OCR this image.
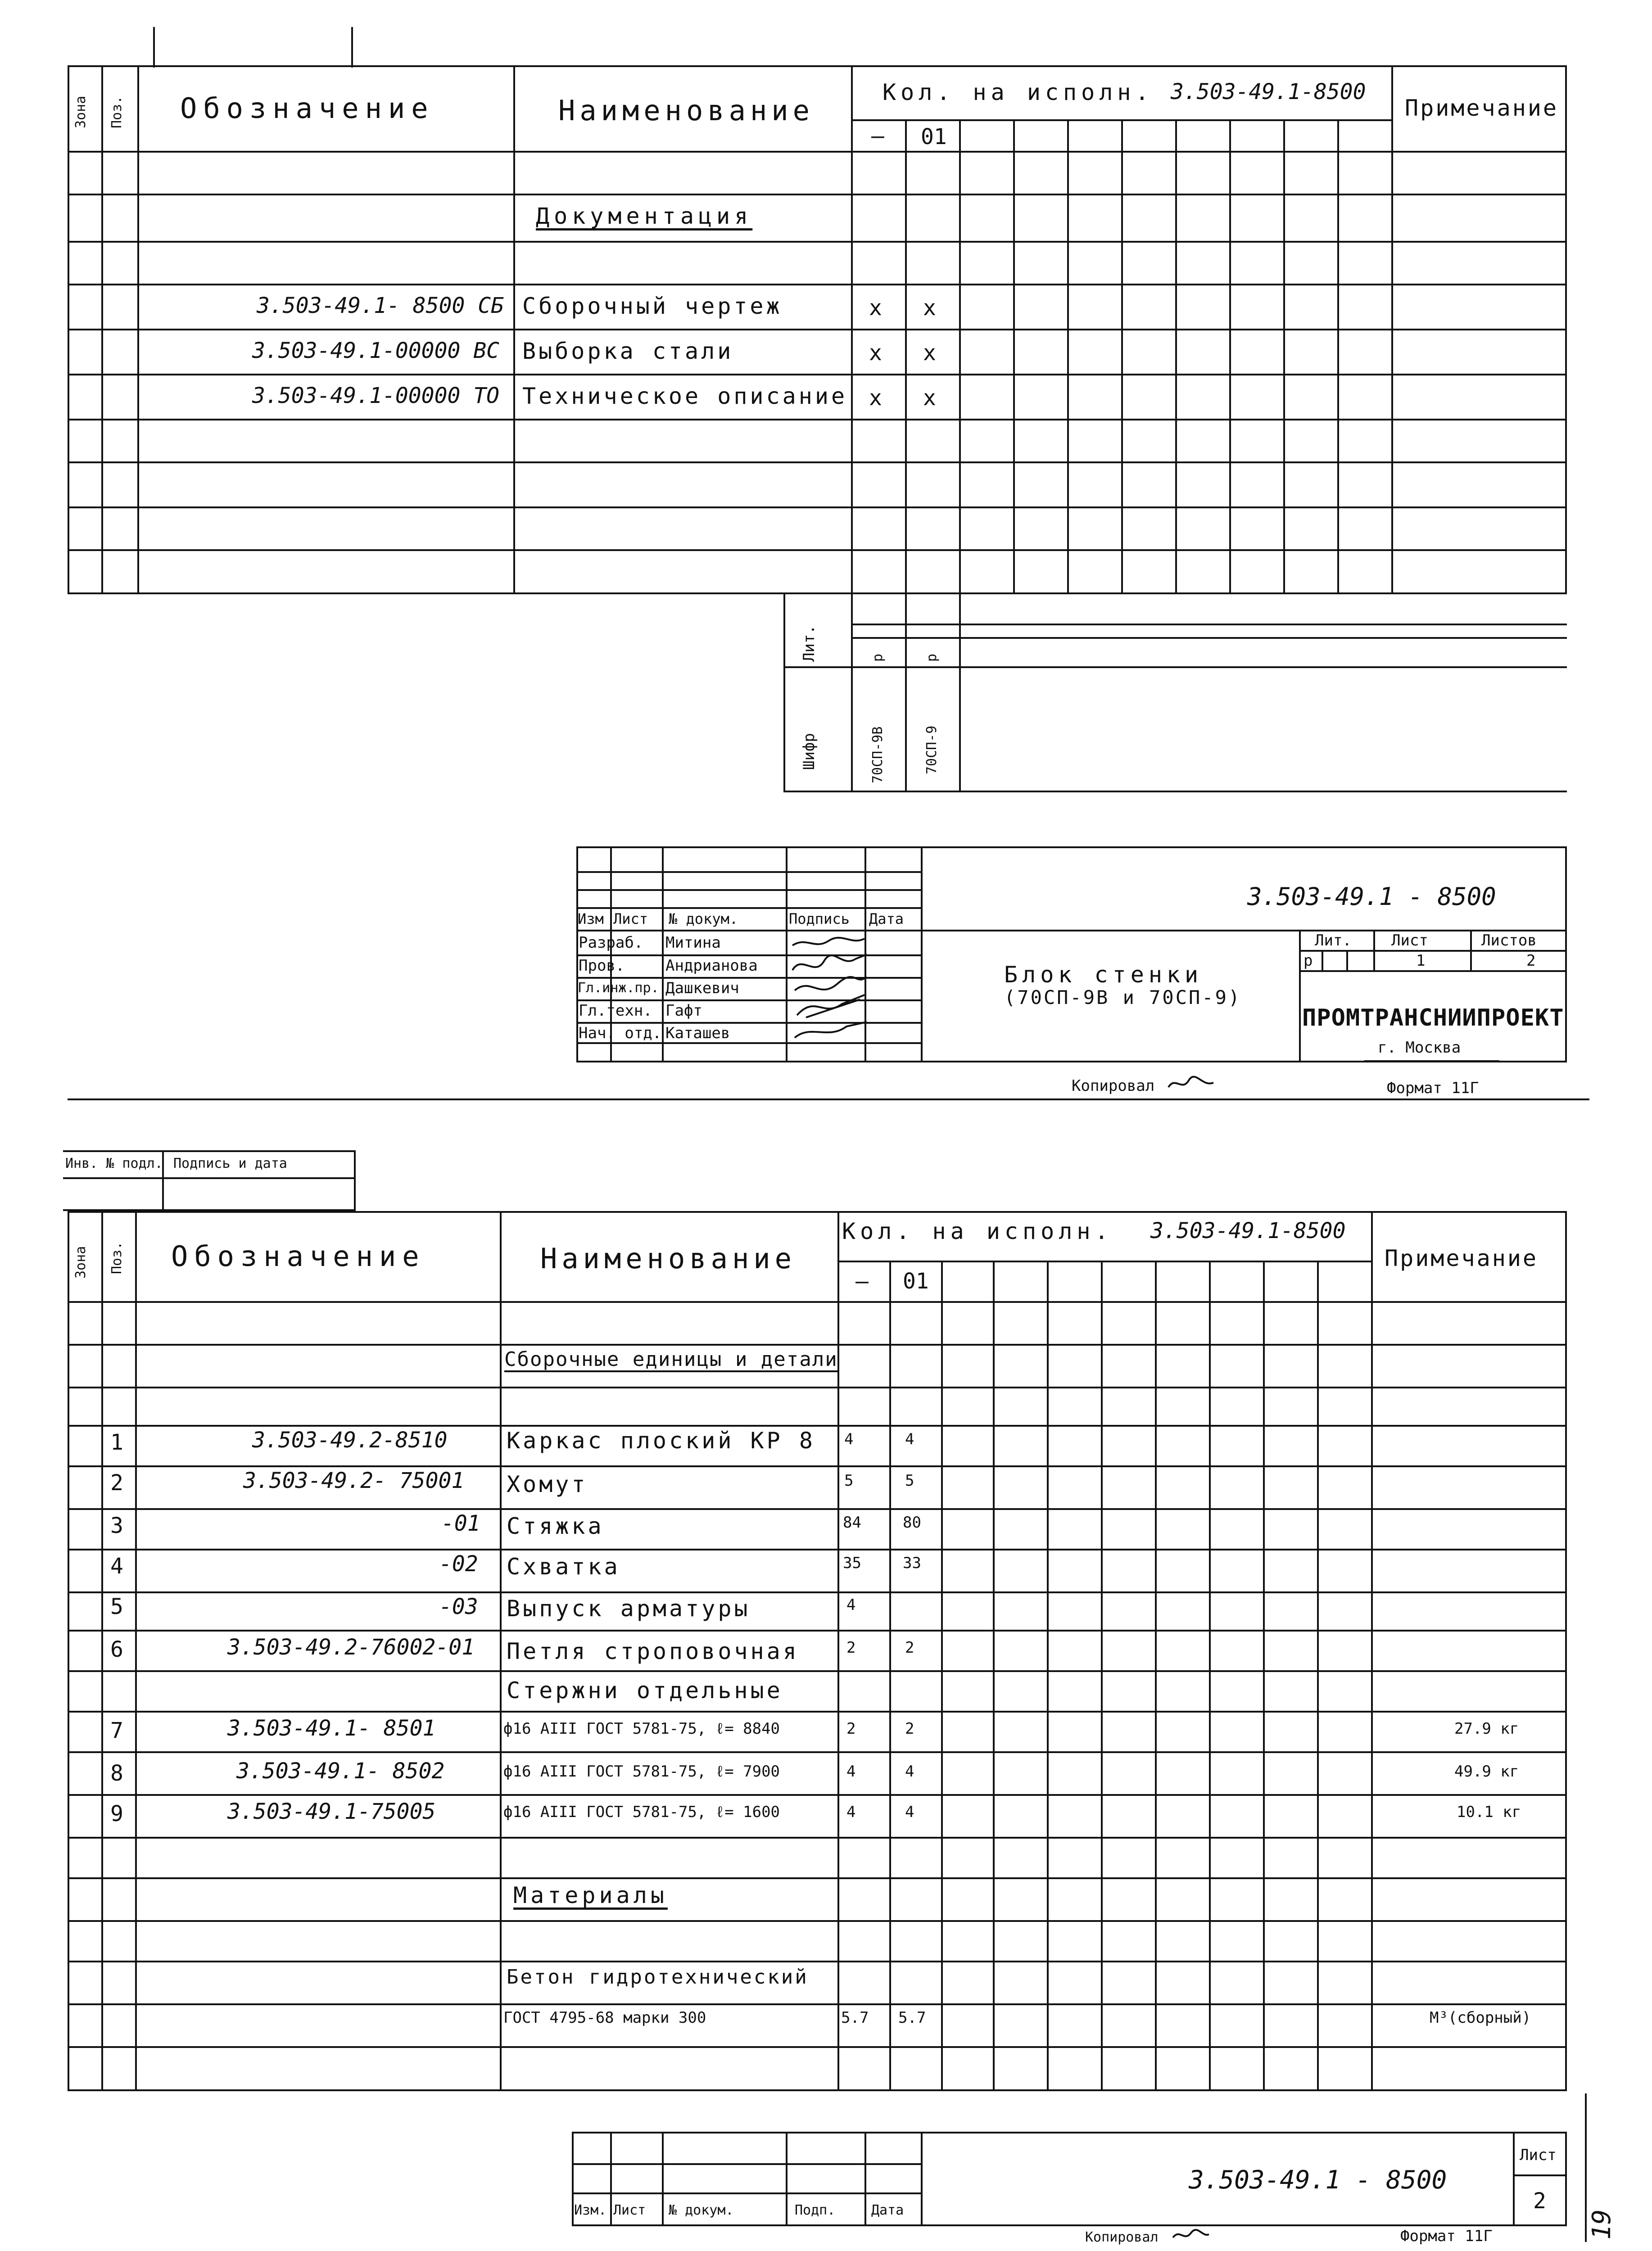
Зона Поз. Обозначение	Наименование
Кол. на исполн. 3.503-49.1-8500
– 01
Примечание
Документация
3.503-49.1- 8500 СБ Сборочный чертеж	x x
3.503-49.1-00000 ВС Выборка стали	x x
3.503-49.1-00000 ТО Техническое описание x x
Лит.
Шифр
р	р
70СП-9В	70СП-9
3.503-49.1 - 8500
Изм Лист № докум.	Подпись Дата
Разраб. Митина
Пров.	Андрианова
Гл.инж.пр. Дашкевич
Гл.техн. Гафт
Нач. отд. Каташев
Блок стенки
(70СП-9В и 70СП-9)
Лит.	Лист	Листов
р	1	2
ПРОМТРАНСНИИПРОЕКТ
г. Москва
Копировал	Формат 11Г
Инв. № подл. Подпись и дата
Зона Поз. Обозначение	Наименование
Кол. на исполн. 3.503-49.1-8500
– 01
Примечание
Сборочные единицы и детали
1	3.503-49.2-8510	Каркас плоский КР 8 4	4
2	3.503-49.2- 75001 Хомут	5	5
3	-01 Стяжка	84	80
4	-02 Схватка	35	33
5	-03 Выпуск арматуры	4
6	3.503-49.2-76002-01 Петля строповочная	2	2
Стержни отдельные
7	3.503-49.1- 8501	ф16 АIII ГОСТ 5781-75, ℓ= 8840	2	2	27.9 кг
8	3.503-49.1- 8502	ф16 АIII ГОСТ 5781-75, ℓ= 7900	4	4	49.9 кг
9	3.503-49.1-75005	ф16 АIII ГОСТ 5781-75, ℓ= 1600	4	4	10.1 кг
Материалы
Бетон гидротехнический
ГОСТ 4795-68 марки 300	5.7 5.7	М³(сборный)
Изм. Лист № докум.	Подп.	Дата
3.503-49.1 - 8500
Лист
2
Копировал	Формат 11Г	19
